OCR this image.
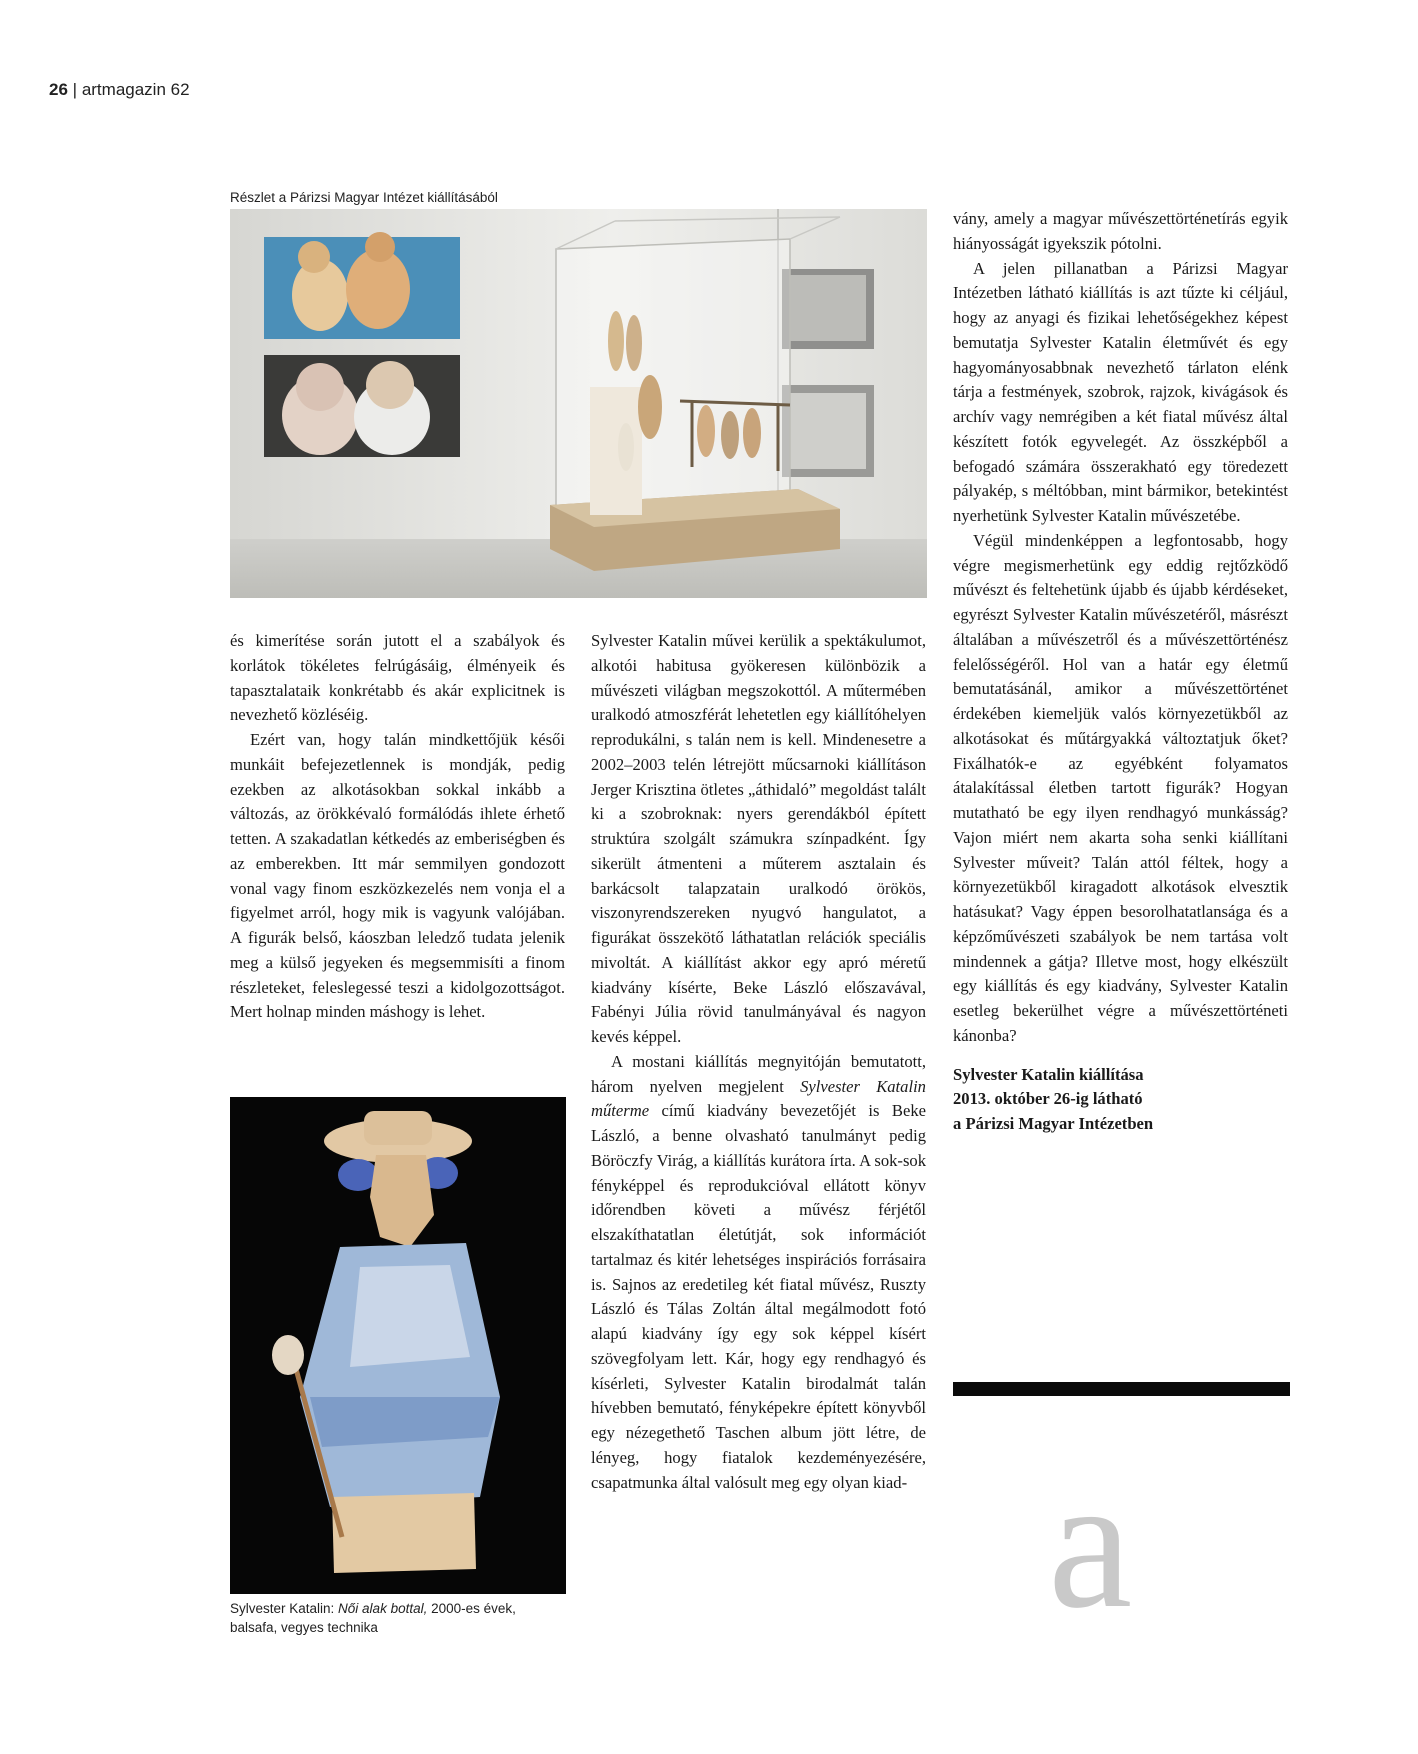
26 | artmagazin 62
Részlet a Párizsi Magyar Intézet kiállításából

és kimerítése során jutott el a szabályok és korlátok tökéletes felrúgásáig, élményeik és tapasztalataik konkrétabb és akár explicitnek is nevezhető közléséig.

Ezért van, hogy talán mindkettőjük késői munkáit befejezetlennek is mondják, pedig ezekben az alkotásokban sokkal inkább a változás, az örökkévaló formálódás ihlete érhető tetten. A szakadatlan kétkedés az emberiségben és az emberekben. Itt már semmilyen gondozott vonal vagy finom eszközkezelés nem vonja el a figyelmet arról, hogy mik is vagyunk valójában. A figurák belső, káoszban leledző tudata jelenik meg a külső jegyeken és megsemmisíti a finom részleteket, feleslegessé teszi a kidolgozottságot. Mert holnap minden máshogy is lehet.

Sylvester Katalin: Női alak bottal, 2000-es évek,
balsafa, vegyes technika

Sylvester Katalin művei kerülik a spektákulumot, alkotói habitusa gyökeresen különbözik a művészeti világban megszokottól. A műtermében uralkodó atmoszférát lehetetlen egy kiállítóhelyen reprodukálni, s talán nem is kell. Mindenesetre a 2002–2003 telén létrejött műcsarnoki kiállításon Jerger Krisztina ötletes „áthidaló” megoldást talált ki a szobroknak: nyers gerendákból épített struktúra szolgált számukra színpadként. Így sikerült átmenteni a műterem asztalain és barkácsolt talapzatain uralkodó örökös, viszonyrendszereken nyugvó hangulatot, a figurákat összekötő láthatatlan relációk speciális mivoltát. A kiállítást akkor egy apró méretű kiadvány kísérte, Beke László előszavával, Fabényi Júlia rövid tanulmányával és nagyon kevés képpel.

A mostani kiállítás megnyitóján bemutatott, három nyelven megjelent Sylvester Katalin műterme című kiadvány bevezetőjét is Beke László, a benne olvasható tanulmányt pedig Böröczfy Virág, a kiállítás kurátora írta. A sok-sok fényképpel és reprodukcióval ellátott könyv időrendben követi a művész férjétől elszakíthatatlan életútját, sok információt tartalmaz és kitér lehetséges inspirációs forrásaira is. Sajnos az eredetileg két fiatal művész, Ruszty László és Tálas Zoltán által megálmodott fotó alapú kiadvány így egy sok képpel kísért szövegfolyam lett. Kár, hogy egy rendhagyó és kísérleti, Sylvester Katalin birodalmát talán hívebben bemutató, fényképekre épített könyvből egy nézegethető Taschen album jött létre, de lényeg, hogy fiatalok kezdeményezésére, csapatmunka által valósult meg egy olyan kiad-

vány, amely a magyar művészettörténetírás egyik hiányosságát igyekszik pótolni.

A jelen pillanatban a Párizsi Magyar Intézetben látható kiállítás is azt tűzte ki céljául, hogy az anyagi és fizikai lehetőségekhez képest bemutatja Sylvester Katalin életművét és egy hagyományosabbnak nevezhető tárlaton elénk tárja a festmények, szobrok, rajzok, kivágások és archív vagy nemrégiben a két fiatal művész által készített fotók egyvelegét. Az összképből a befogadó számára összerakható egy töredezett pályakép, s méltóbban, mint bármikor, betekintést nyerhetünk Sylvester Katalin művészetébe.

Végül mindenképpen a legfontosabb, hogy végre megismerhetünk egy eddig rejtőzködő művészt és feltehetünk újabb és újabb kérdéseket, egyrészt Sylvester Katalin művészetéről, másrészt általában a művészetről és a művészettörténész felelősségéről. Hol van a határ egy életmű bemutatásánál, amikor a művészettörténet érdekében kiemeljük valós környezetükből az alkotásokat és műtárgyakká változtatjuk őket? Fixálhatók-e az egyébként folyamatos átalakítással életben tartott figurák? Hogyan mutatható be egy ilyen rendhagyó munkásság? Vajon miért nem akarta soha senki kiállítani Sylvester műveit? Talán attól féltek, hogy a környezetükből kiragadott alkotások elvesztik hatásukat? Vagy éppen besorolhatatlansága és a képzőművészeti szabályok be nem tartása volt mindennek a gátja? Illetve most, hogy elkészült egy kiállítás és egy kiadvány, Sylvester Katalin esetleg bekerülhet végre a művészettörténeti kánonba?

Sylvester Katalin kiállítása
2013. október 26-ig látható
a Párizsi Magyar Intézetben

a
